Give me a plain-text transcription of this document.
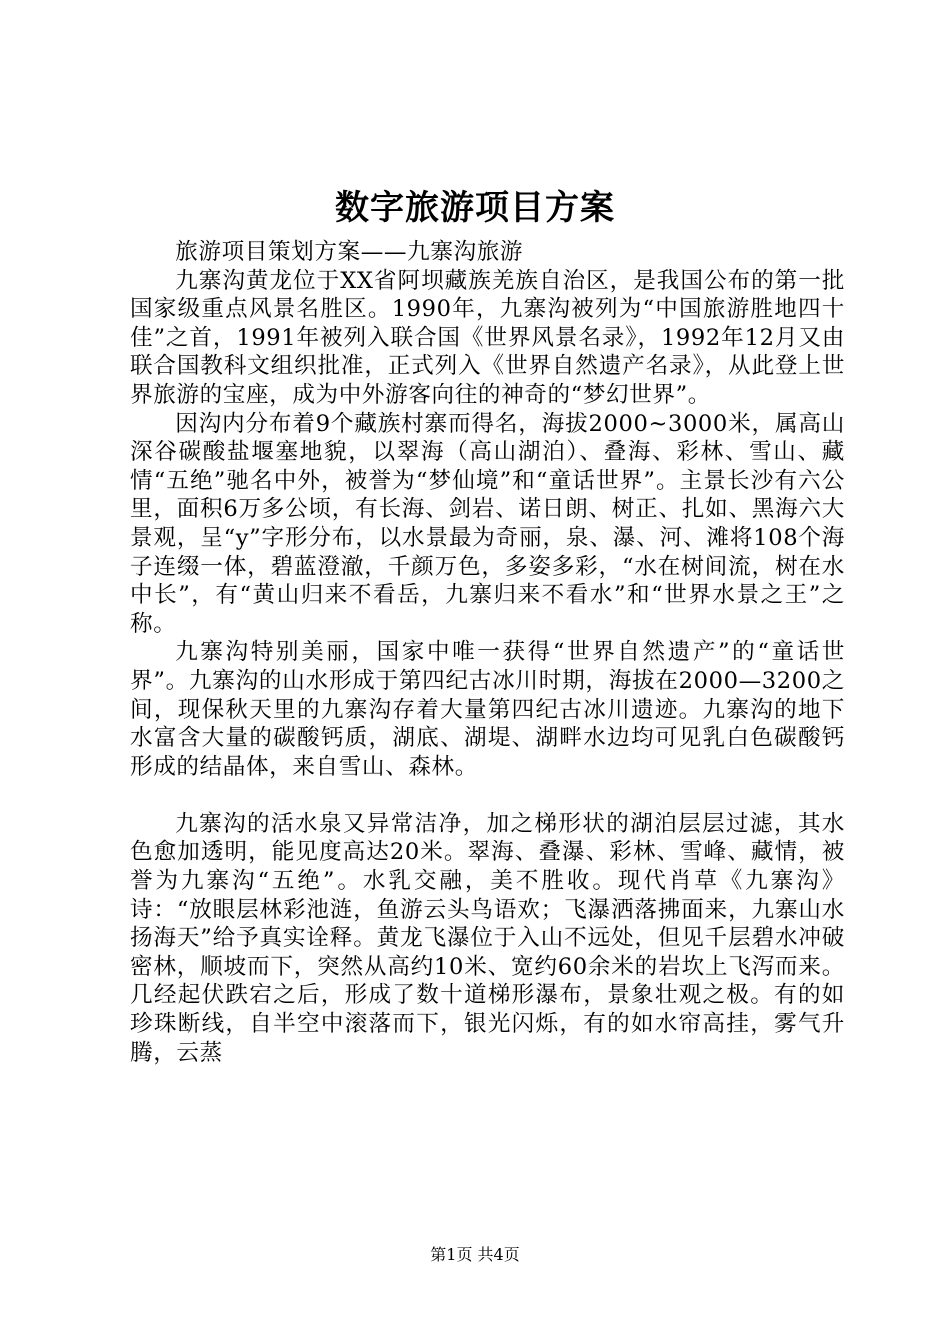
数字旅游项目方案

旅游项目策划方案——九寨沟旅游

九寨沟黄龙位于XX省阿坝藏族羌族自治区，是我国公布的第一批国家级重点风景名胜区。1990年，九寨沟被列为“中国旅游胜地四十佳”之首，1991年被列入联合国《世界风景名录》，1992年12月又由联合国教科文组织批准，正式列入《世界自然遗产名录》，从此登上世界旅游的宝座，成为中外游客向往的神奇的“梦幻世界”。

因沟内分布着9个藏族村寨而得名，海拔2000~3000米，属高山深谷碳酸盐堰塞地貌，以翠海（高山湖泊）、叠海、彩林、雪山、藏情“五绝”驰名中外，被誉为“梦仙境”和“童话世界”。主景长沙有六公里，面积6万多公顷，有长海、剑岩、诺日朗、树正、扎如、黑海六大景观，呈“y”字形分布，以水景最为奇丽，泉、瀑、河、滩将108个海子连缀一体，碧蓝澄澈，千颜万色，多姿多彩，“水在树间流，树在水中长”，有“黄山归来不看岳，九寨归来不看水”和“世界水景之王”之称。

九寨沟特别美丽，国家中唯一获得“世界自然遗产”的“童话世界”。九寨沟的山水形成于第四纪古冰川时期，海拔在2000—3200之间，现保秋天里的九寨沟存着大量第四纪古冰川遗迹。九寨沟的地下水富含大量的碳酸钙质，湖底、湖堤、湖畔水边均可见乳白色碳酸钙形成的结晶体，来自雪山、森林。

九寨沟的活水泉又异常洁净，加之梯形状的湖泊层层过滤，其水色愈加透明，能见度高达20米。翠海、叠瀑、彩林、雪峰、藏情，被誉为九寨沟“五绝”。水乳交融，美不胜收。现代肖草《九寨沟》诗：“放眼层林彩池涟，鱼游云头鸟语欢；飞瀑洒落拂面来，九寨山水扬海天”给予真实诠释。黄龙飞瀑位于入山不远处，但见千层碧水冲破密林，顺坡而下，突然从高约10米、宽约60余米的岩坎上飞泻而来。几经起伏跌宕之后，形成了数十道梯形瀑布，景象壮观之极。有的如珍珠断线，自半空中滚落而下，银光闪烁，有的如水帘高挂，雾气升腾，云蒸

第1页 共4页
